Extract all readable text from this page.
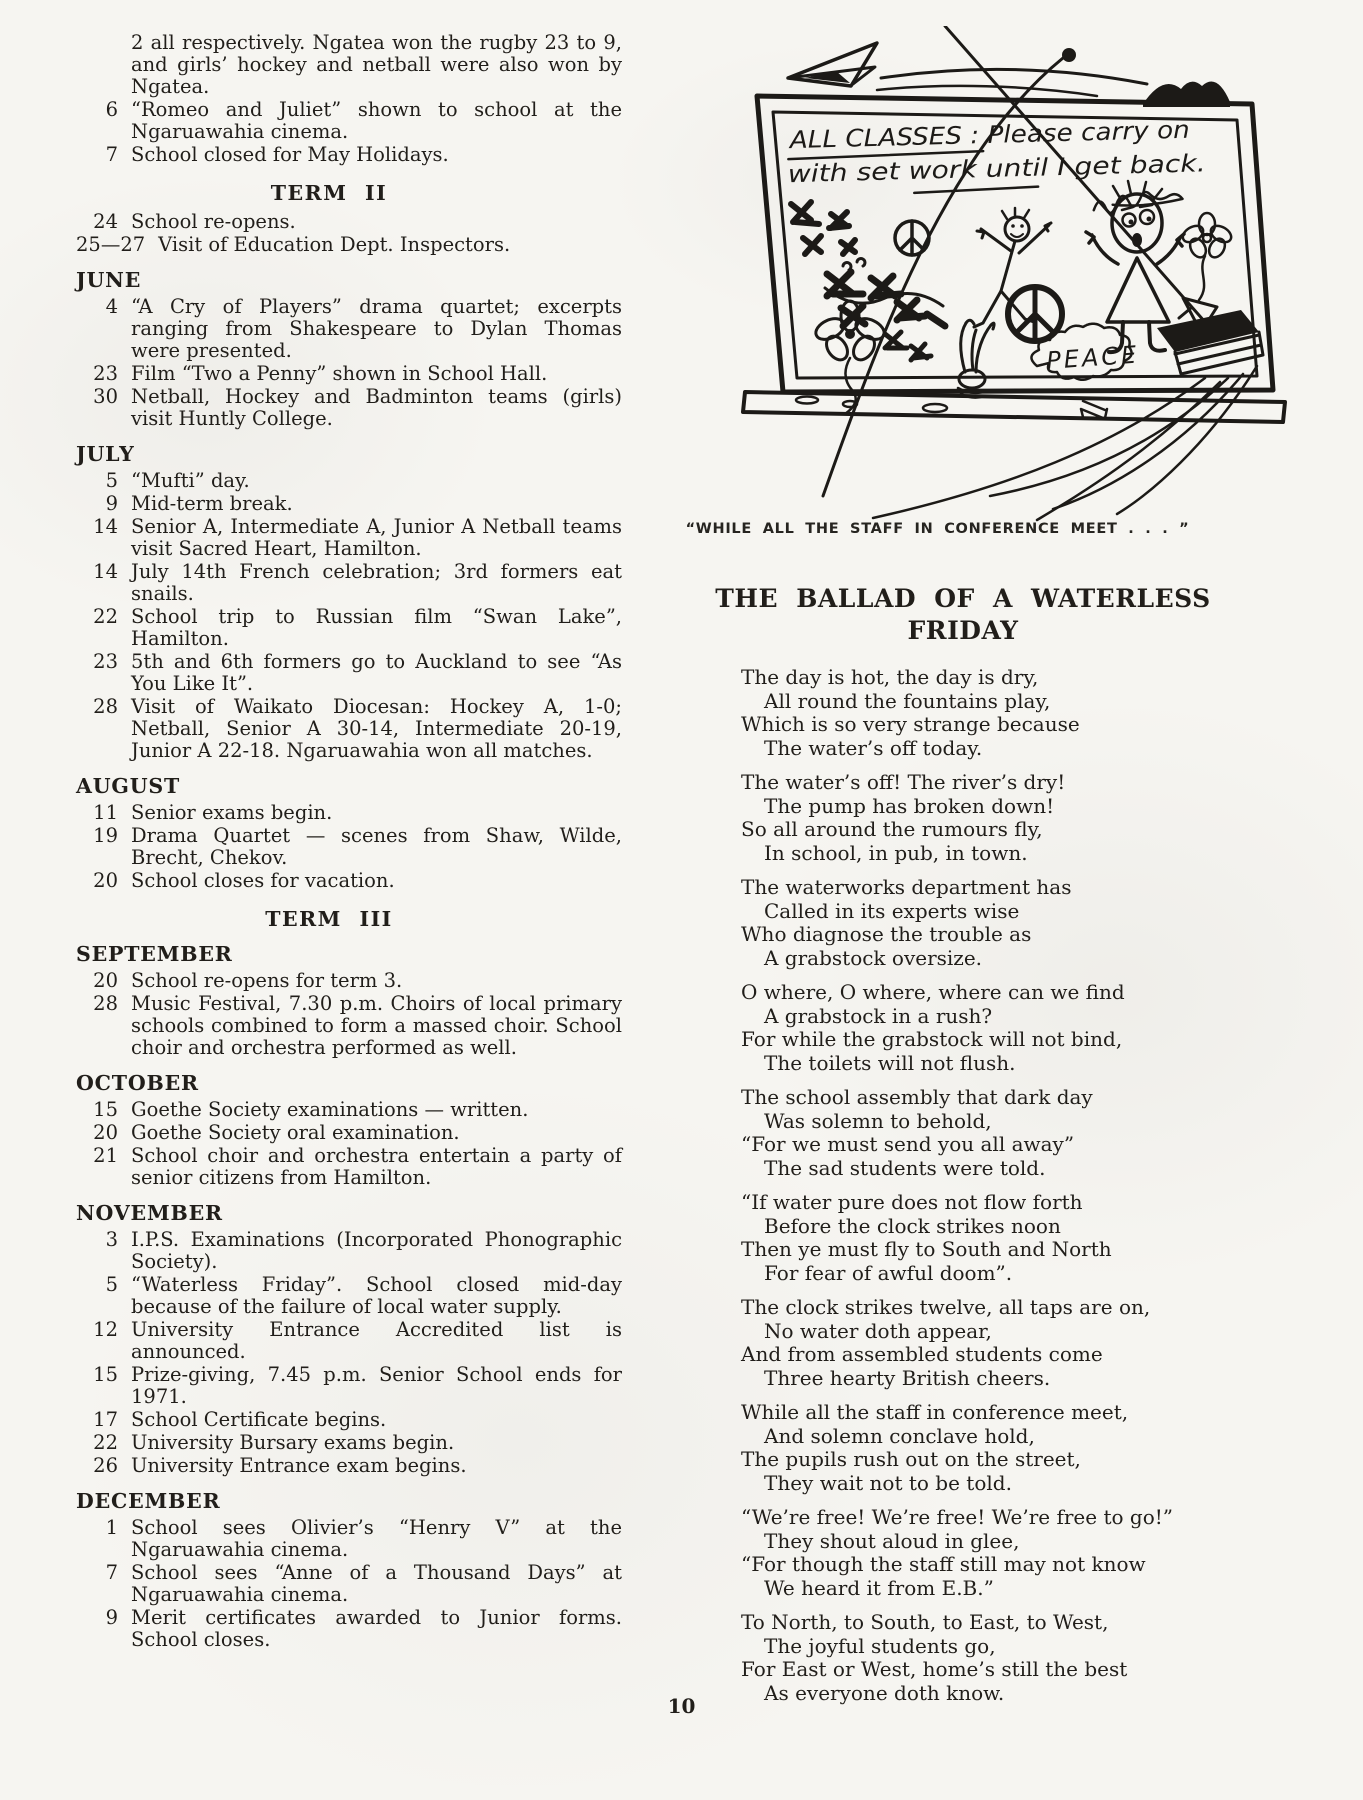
2 all respectively. Ngatea won the rugby 23 to 9, and girls’ hockey and netball were also won by Ngatea.
6 “Romeo and Juliet” shown to school at the Ngaruawahia cinema.
7 School closed for May Holidays.
TERM II
24 School re-opens.
25—27 Visit of Education Dept. Inspectors.
JUNE
4 “A Cry of Players” drama quartet; excerpts ranging from Shakespeare to Dylan Thomas were presented.
23 Film “Two a Penny” shown in School Hall.
30 Netball, Hockey and Badminton teams (girls) visit Huntly College.
JULY
5 “Mufti” day.
9 Mid-term break.
14 Senior A, Intermediate A, Junior A Netball teams visit Sacred Heart, Hamilton.
14 July 14th French celebration; 3rd formers eat snails.
22 School trip to Russian film “Swan Lake”, Hamilton.
23 5th and 6th formers go to Auckland to see “As You Like It”.
28 Visit of Waikato Diocesan: Hockey A, 1-0; Netball, Senior A 30-14, Intermediate 20-19, Junior A 22-18. Ngaruawahia won all matches.
AUGUST
11 Senior exams begin.
19 Drama Quartet — scenes from Shaw, Wilde, Brecht, Chekov.
20 School closes for vacation.
TERM III
SEPTEMBER
20 School re-opens for term 3.
28 Music Festival, 7.30 p.m. Choirs of local primary schools combined to form a massed choir. School choir and orchestra performed as well.
OCTOBER
15 Goethe Society examinations — written.
20 Goethe Society oral examination.
21 School choir and orchestra entertain a party of senior citizens from Hamilton.
NOVEMBER
3 I.P.S. Examinations (Incorporated Phonographic Society).
5 “Waterless Friday”. School closed mid-day because of the failure of local water supply.
12 University Entrance Accredited list is announced.
15 Prize-giving, 7.45 p.m. Senior School ends for 1971.
17 School Certificate begins.
22 University Bursary exams begin.
26 University Entrance exam begins.
DECEMBER
1 School sees Olivier’s “Henry V” at the Ngaruawahia cinema.
7 School sees “Anne of a Thousand Days” at Ngaruawahia cinema.
9 Merit certificates awarded to Junior forms. School closes.
ALL CLASSES : Please carry on
with set work until I get back.
PEACE
“WHILE ALL THE STAFF IN CONFERENCE MEET . . . ”
THE BALLAD OF A WATERLESS
FRIDAY
The day is hot, the day is dry,
All round the fountains play,
Which is so very strange because
The water’s off today.
The water’s off! The river’s dry!
The pump has broken down!
So all around the rumours fly,
In school, in pub, in town.
The waterworks department has
Called in its experts wise
Who diagnose the trouble as
A grabstock oversize.
O where, O where, where can we find
A grabstock in a rush?
For while the grabstock will not bind,
The toilets will not flush.
The school assembly that dark day
Was solemn to behold,
“For we must send you all away”
The sad students were told.
“If water pure does not flow forth
Before the clock strikes noon
Then ye must fly to South and North
For fear of awful doom”.
The clock strikes twelve, all taps are on,
No water doth appear,
And from assembled students come
Three hearty British cheers.
While all the staff in conference meet,
And solemn conclave hold,
The pupils rush out on the street,
They wait not to be told.
“We’re free! We’re free! We’re free to go!”
They shout aloud in glee,
“For though the staff still may not know
We heard it from E.B.”
To North, to South, to East, to West,
The joyful students go,
For East or West, home’s still the best
As everyone doth know.
10
